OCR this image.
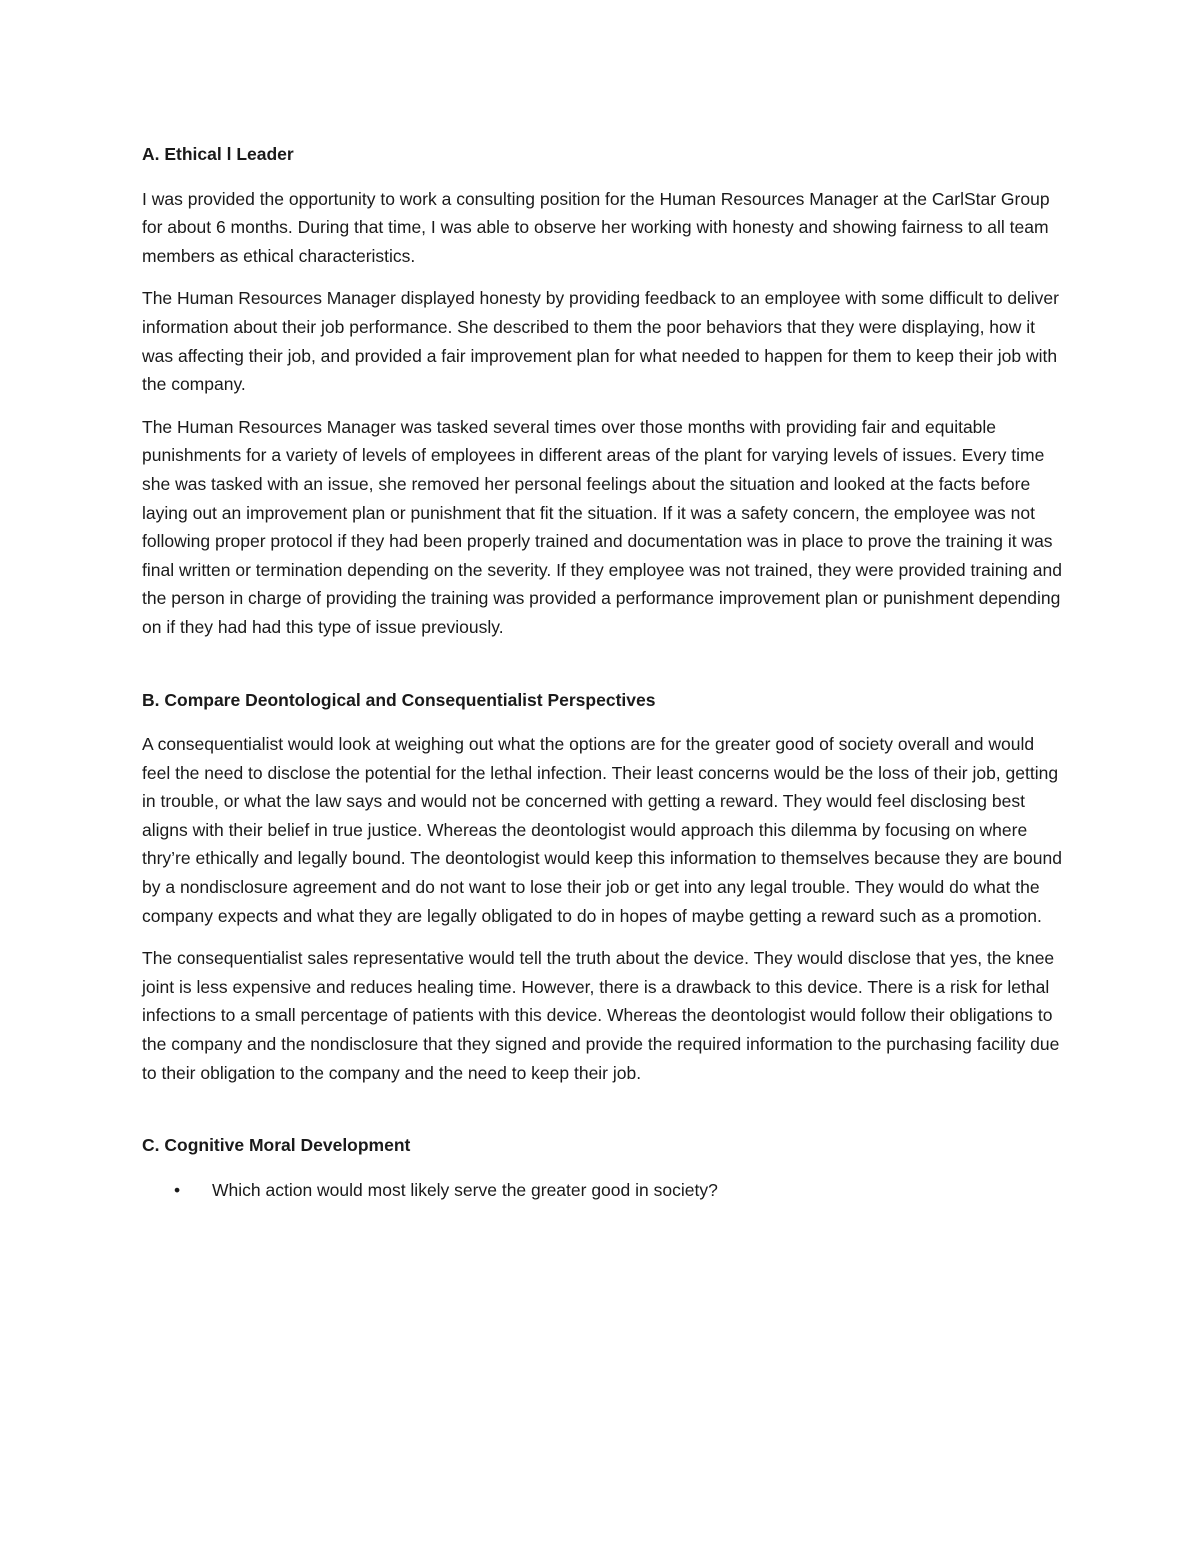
A. Ethical l Leader

I was provided the opportunity to work a consulting position for the Human Resources Manager at the CarlStar Group for about 6 months. During that time, I was able to observe her working with honesty and showing fairness to all team members as ethical characteristics.

The Human Resources Manager displayed honesty by providing feedback to an employee with some difficult to deliver information about their job performance. She described to them the poor behaviors that they were displaying, how it was affecting their job, and provided a fair improvement plan for what needed to happen for them to keep their job with the company.

The Human Resources Manager was tasked several times over those months with providing fair and equitable punishments for a variety of levels of employees in different areas of the plant for varying levels of issues. Every time she was tasked with an issue, she removed her personal feelings about the situation and looked at the facts before laying out an improvement plan or punishment that fit the situation. If it was a safety concern, the employee was not following proper protocol if they had been properly trained and documentation was in place to prove the training it was final written or termination depending on the severity. If they employee was not trained, they were provided training and the person in charge of providing the training was provided a performance improvement plan or punishment depending on if they had had this type of issue previously.

B. Compare Deontological and Consequentialist Perspectives

A consequentialist would look at weighing out what the options are for the greater good of society overall and would feel the need to disclose the potential for the lethal infection. Their least concerns would be the loss of their job, getting in trouble, or what the law says and would not be concerned with getting a reward. They would feel disclosing best aligns with their belief in true justice. Whereas the deontologist would approach this dilemma by focusing on where thry’re ethically and legally bound. The deontologist would keep this information to themselves because they are bound by a nondisclosure agreement and do not want to lose their job or get into any legal trouble. They would do what the company expects and what they are legally obligated to do in hopes of maybe getting a reward such as a promotion.

The consequentialist sales representative would tell the truth about the device. They would disclose that yes, the knee joint is less expensive and reduces healing time. However, there is a drawback to this device. There is a risk for lethal infections to a small percentage of patients with this device. Whereas the deontologist would follow their obligations to the company and the nondisclosure that they signed and provide the required information to the purchasing facility due to their obligation to the company and the need to keep their job.

C. Cognitive Moral Development

• Which action would most likely serve the greater good in society?
